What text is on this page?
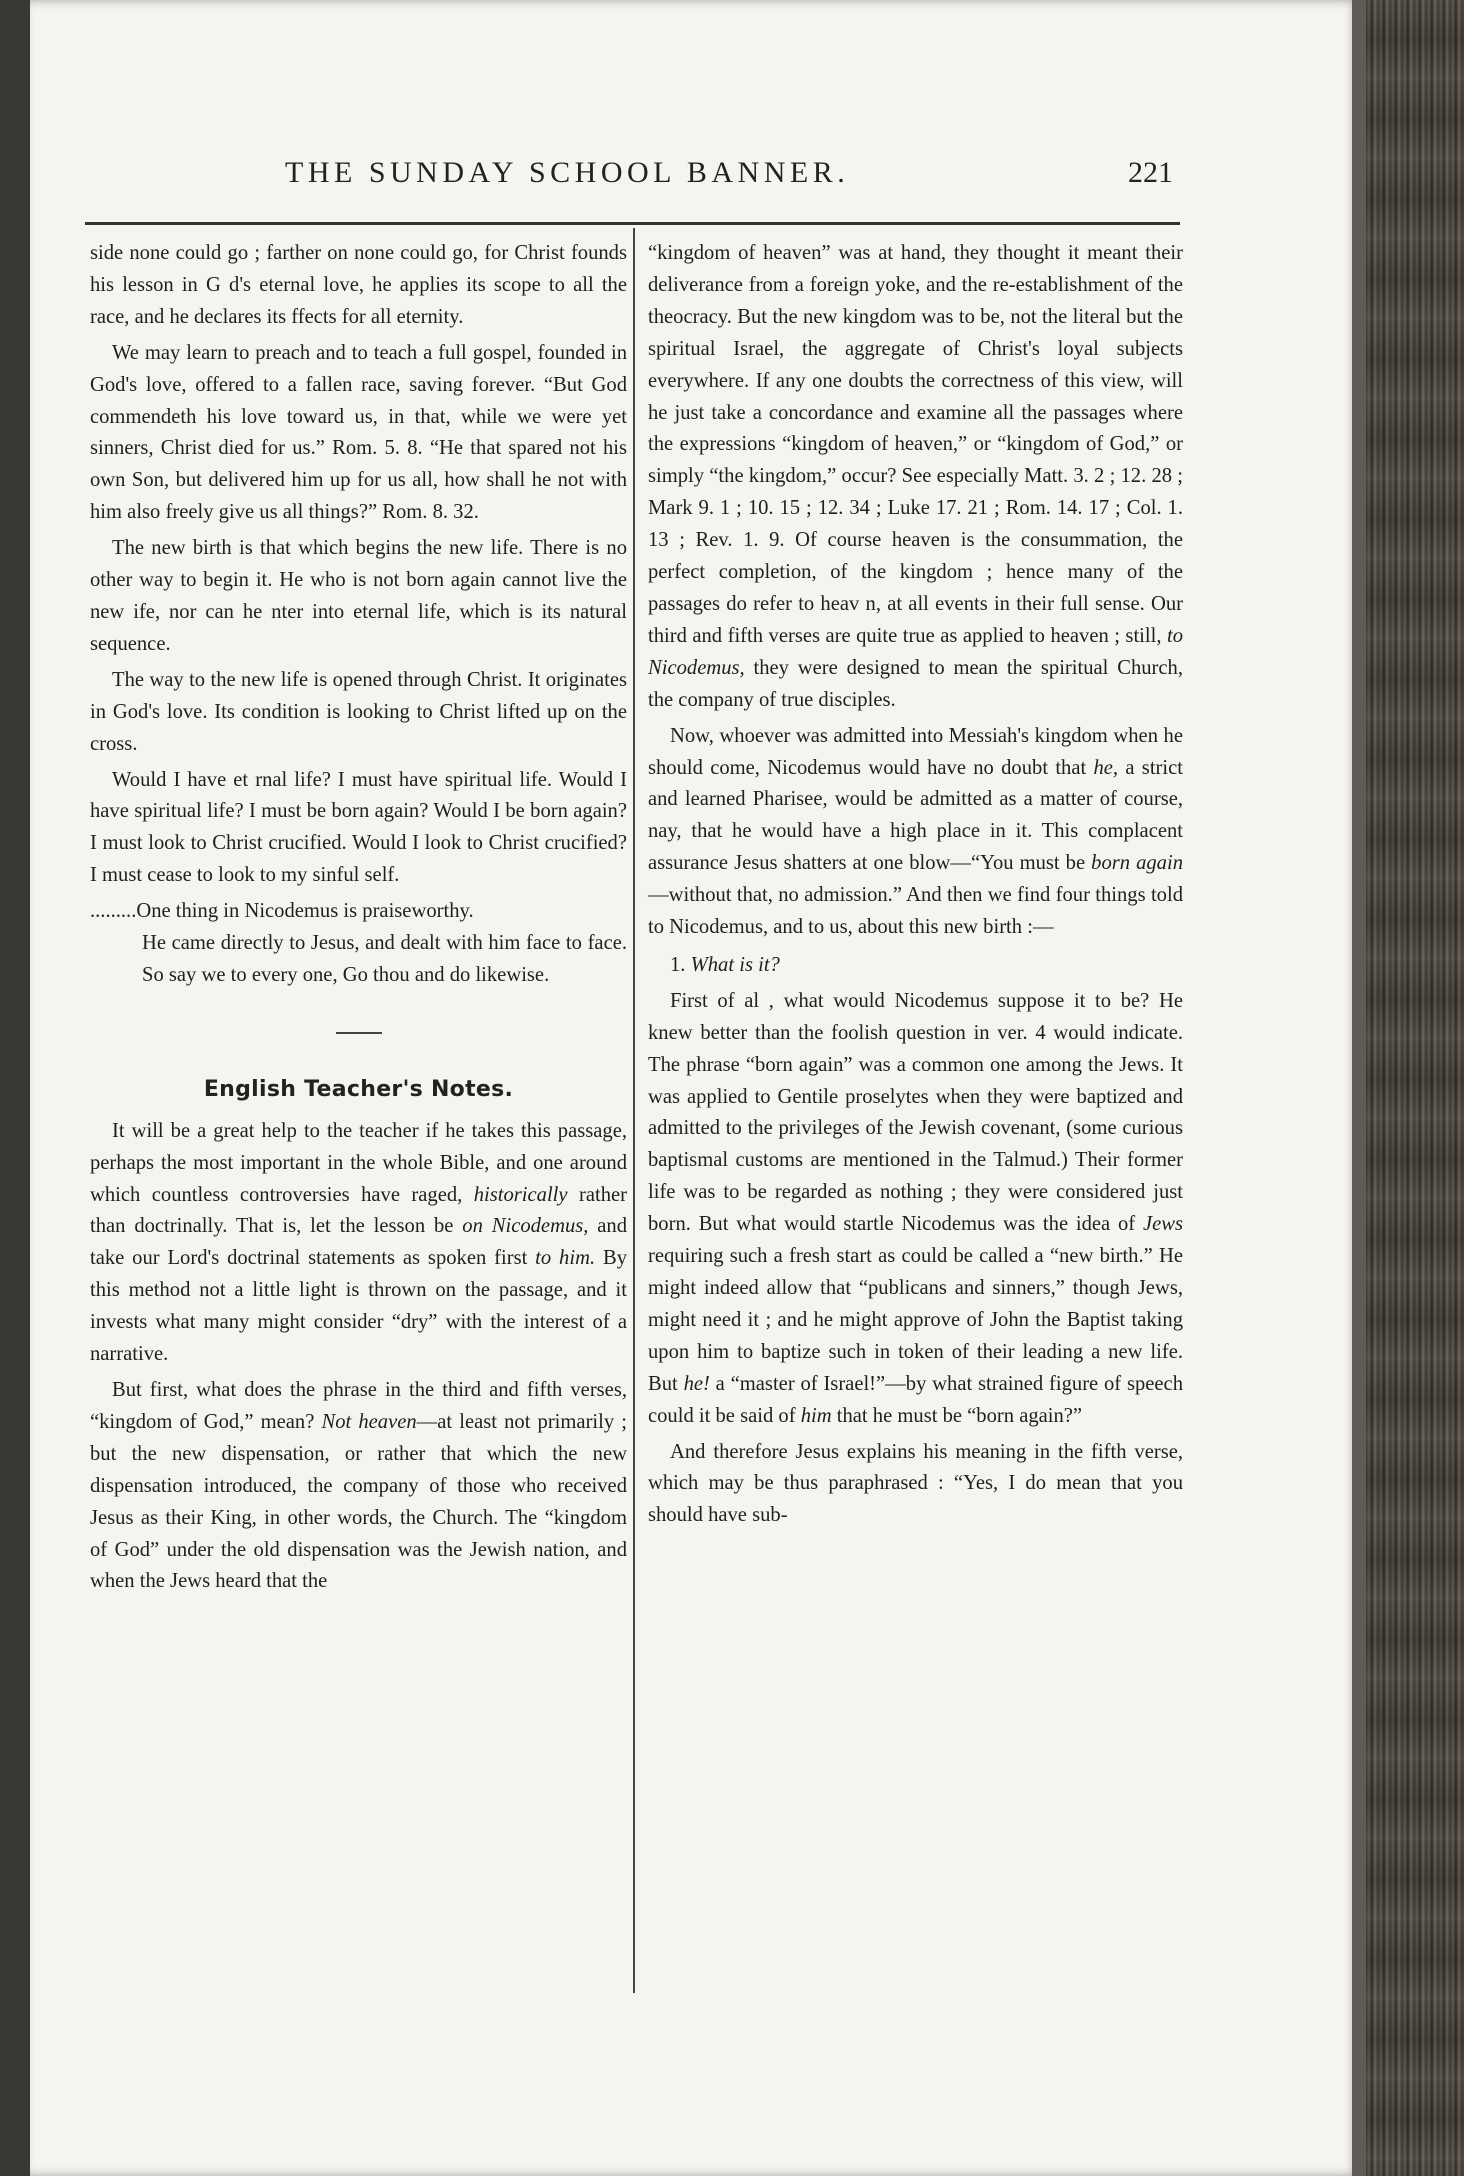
THE SUNDAY SCHOOL BANNER.	221

side none could go ; farther on none could go, for Christ founds his lesson in G d's eternal love, he applies its scope to all the race, and he declares its ffects for all eternity.

We may learn to preach and to teach a full gospel, founded in God's love, offered to a fallen race, saving forever. “But God commendeth his love toward us, in that, while we were yet sinners, Christ died for us.” Rom. 5. 8. “He that spared not his own Son, but delivered him up for us all, how shall he not with him also freely give us all things?” Rom. 8. 32.

The new birth is that which begins the new life. There is no other way to begin it. He who is not born again cannot live the new ife, nor can he nter into eternal life, which is its natural sequence.

The way to the new life is opened through Christ. It originates in God's love. Its condition is looking to Christ lifted up on the cross.

Would I have et rnal life? I must have spiritual life. Would I have spiritual life? I must be born again? Would I be born again? I must look to Christ crucified. Would I look to Christ crucified? I must cease to look to my sinful self.

.........One thing in Nicodemus is praiseworthy.
He came directly to Jesus, and dealt with him face to face. So say we to every one, Go thou and do likewise.
English Teacher's Notes.

It will be a great help to the teacher if he takes this passage, perhaps the most important in the whole Bible, and one around which countless controversies have raged, historically rather than doctrinally. That is, let the lesson be on Nicodemus, and take our Lord's doctrinal statements as spoken first to him. By this method not a little light is thrown on the passage, and it invests what many might consider “dry” with the interest of a narrative.

But first, what does the phrase in the third and fifth verses, “kingdom of God,” mean? Not heaven—at least not primarily ; but the new dispensation, or rather that which the new dispensation introduced, the company of those who received Jesus as their King, in other words, the Church. The “kingdom of God” under the old dispensation was the Jewish nation, and when the Jews heard that the

“kingdom of heaven” was at hand, they thought it meant their deliverance from a foreign yoke, and the re-establishment of the theocracy. But the new kingdom was to be, not the literal but the spiritual Israel, the aggregate of Christ's loyal subjects everywhere. If any one doubts the correctness of this view, will he just take a concordance and examine all the passages where the expressions “kingdom of heaven,” or “kingdom of God,” or simply “the kingdom,” occur? See especially Matt. 3. 2 ; 12. 28 ; Mark 9. 1 ; 10. 15 ; 12. 34 ; Luke 17. 21 ; Rom. 14. 17 ; Col. 1. 13 ; Rev. 1. 9. Of course heaven is the consummation, the perfect completion, of the kingdom ; hence many of the passages do refer to heav n, at all events in their full sense. Our third and fifth verses are quite true as applied to heaven ; still, to Nicodemus, they were designed to mean the spiritual Church, the company of true disciples.

Now, whoever was admitted into Messiah's kingdom when he should come, Nicodemus would have no doubt that he, a strict and learned Pharisee, would be admitted as a matter of course, nay, that he would have a high place in it. This complacent assurance Jesus shatters at one blow—“You must be born again—without that, no admission.” And then we find four things told to Nicodemus, and to us, about this new birth :—

1. What is it?

First of al , what would Nicodemus suppose it to be? He knew better than the foolish question in ver. 4 would indicate. The phrase “born again” was a common one among the Jews. It was applied to Gentile proselytes when they were baptized and admitted to the privileges of the Jewish covenant, (some curious baptismal customs are mentioned in the Talmud.) Their former life was to be regarded as nothing ; they were considered just born. But what would startle Nicodemus was the idea of Jews requiring such a fresh start as could be called a “new birth.” He might indeed allow that “publicans and sinners,” though Jews, might need it ; and he might approve of John the Baptist taking upon him to baptize such in token of their leading a new life. But he! a “master of Israel!”—by what strained figure of speech could it be said of him that he must be “born again?”

And therefore Jesus explains his meaning in the fifth verse, which may be thus paraphrased : “Yes, I do mean that you should have sub-
